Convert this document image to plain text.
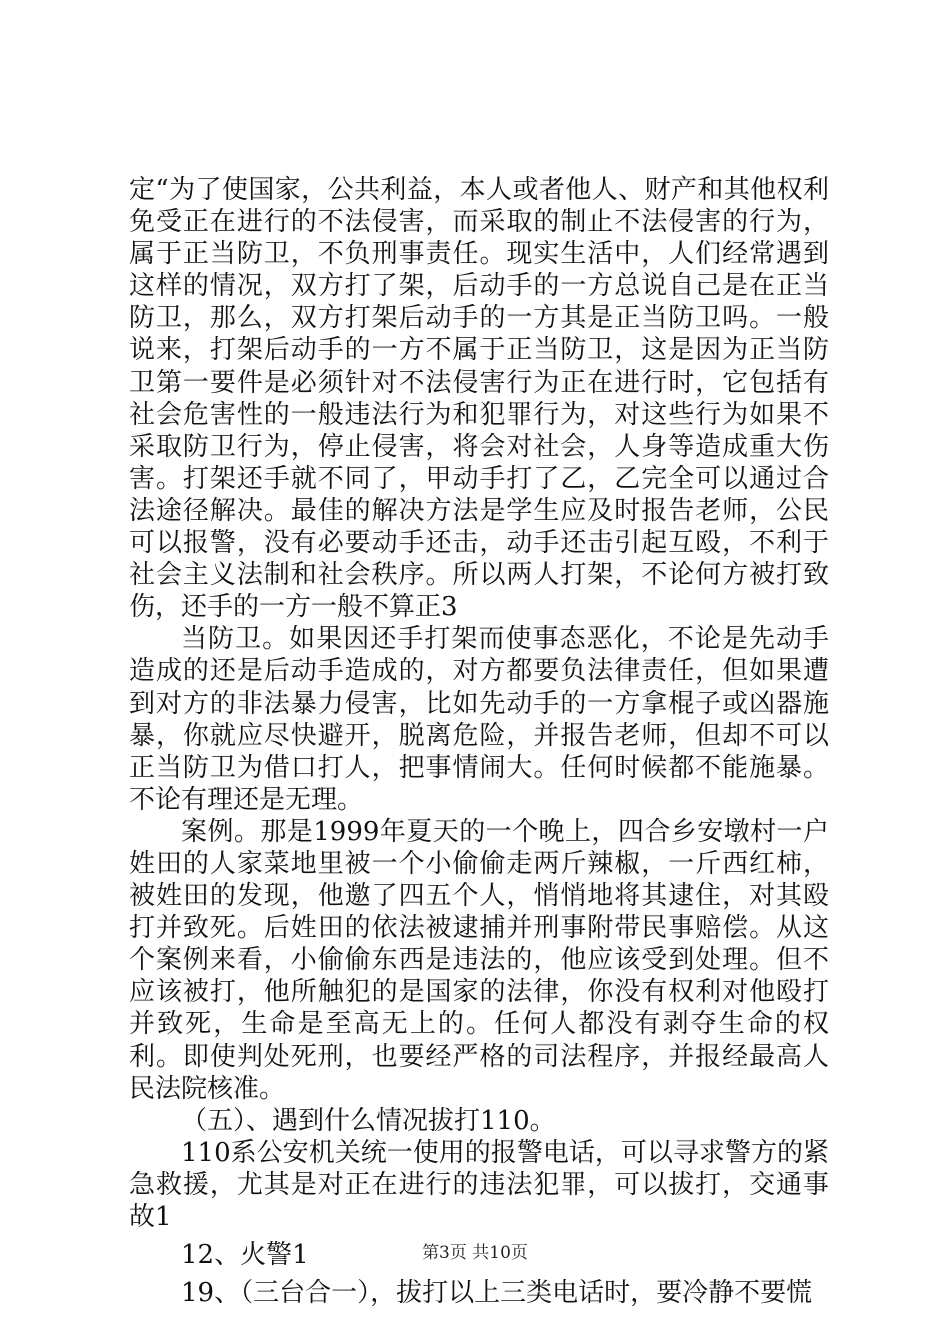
定“为了使国家，公共利益，本人或者他人、财产和其他权利免受正在进行的不法侵害，而采取的制止不法侵害的行为，属于正当防卫，不负刑事责任。现实生活中，人们经常遇到这样的情况，双方打了架，后动手的一方总说自己是在正当防卫，那么，双方打架后动手的一方其是正当防卫吗。一般说来，打架后动手的一方不属于正当防卫，这是因为正当防卫第一要件是必须针对不法侵害行为正在进行时，它包括有社会危害性的一般违法行为和犯罪行为，对这些行为如果不采取防卫行为，停止侵害，将会对社会，人身等造成重大伤害。打架还手就不同了，甲动手打了乙，乙完全可以通过合法途径解决。最佳的解决方法是学生应及时报告老师，公民可以报警，没有必要动手还击，动手还击引起互殴，不利于社会主义法制和社会秩序。所以两人打架，不论何方被打致伤，还手的一方一般不算正3

当防卫。如果因还手打架而使事态恶化，不论是先动手造成的还是后动手造成的，对方都要负法律责任，但如果遭到对方的非法暴力侵害，比如先动手的一方拿棍子或凶器施暴，你就应尽快避开，脱离危险，并报告老师，但却不可以正当防卫为借口打人，把事情闹大。任何时候都不能施暴。不论有理还是无理。

案例。那是1999年夏天的一个晚上，四合乡安墩村一户姓田的人家菜地里被一个小偷偷走两斤辣椒，一斤西红柿，被姓田的发现，他邀了四五个人，悄悄地将其逮住，对其殴打并致死。后姓田的依法被逮捕并刑事附带民事赔偿。从这个案例来看，小偷偷东西是违法的，他应该受到处理。但不应该被打，他所触犯的是国家的法律，你没有权利对他殴打并致死，生命是至高无上的。任何人都没有剥夺生命的权利。即使判处死刑，也要经严格的司法程序，并报经最高人民法院核准。

（五）、遇到什么情况拔打110。

110系公安机关统一使用的报警电话，可以寻求警方的紧急救援，尤其是对正在进行的违法犯罪，可以拔打，交通事故1

12、火警1

19、（三台合一），拔打以上三类电话时，要冷静不要慌

第3页 共10页
